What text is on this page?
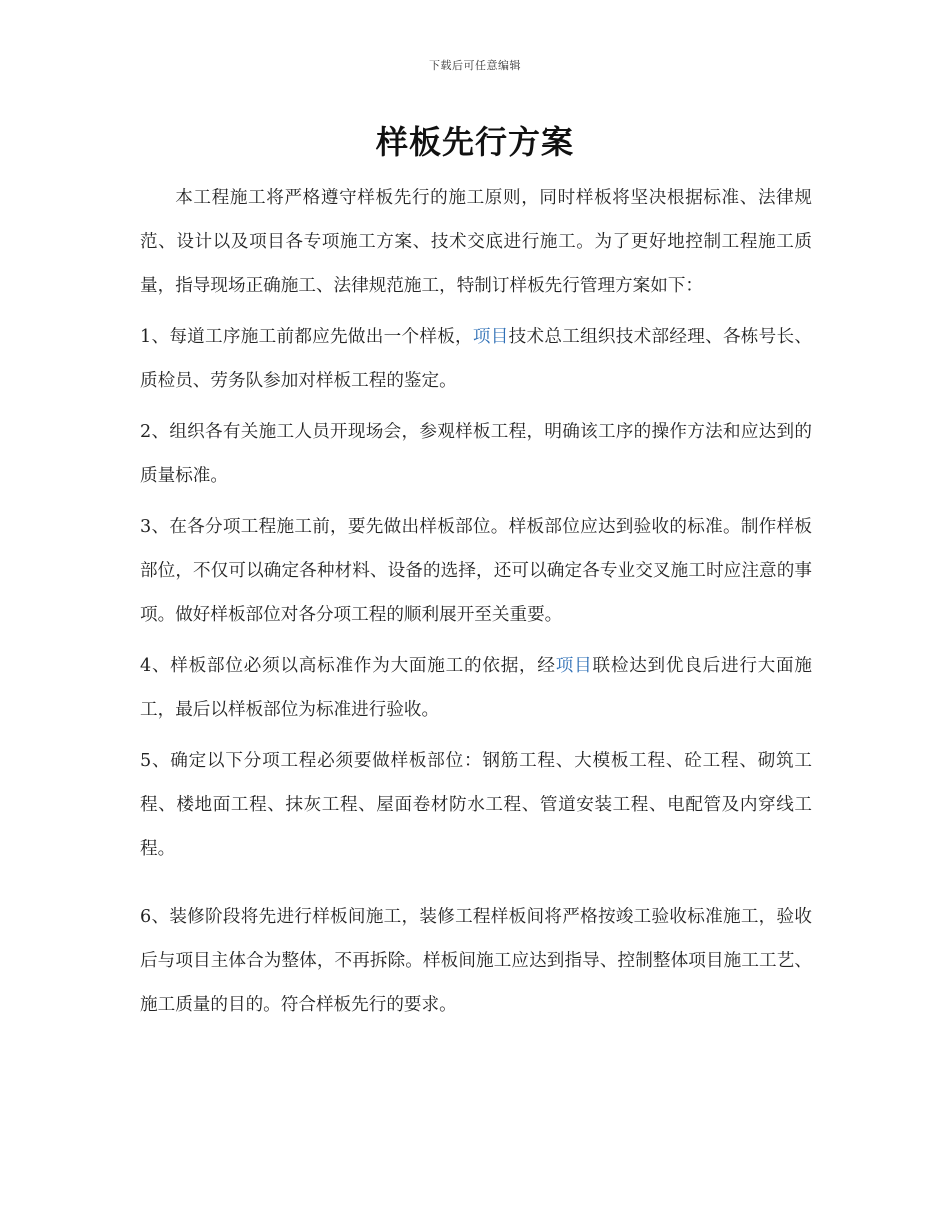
下载后可任意编辑
样板先行方案

本工程施工将严格遵守样板先行的施工原则，同时样板将坚决根据标准、法律规范、设计以及项目各专项施工方案、技术交底进行施工。为了更好地控制工程施工质量，指导现场正确施工、法律规范施工，特制订样板先行管理方案如下：

1、每道工序施工前都应先做出一个样板，项目技术总工组织技术部经理、各栋号长、质检员、劳务队参加对样板工程的鉴定。

2、组织各有关施工人员开现场会，参观样板工程，明确该工序的操作方法和应达到的质量标准。

3、在各分项工程施工前，要先做出样板部位。样板部位应达到验收的标准。制作样板部位，不仅可以确定各种材料、设备的选择，还可以确定各专业交叉施工时应注意的事项。做好样板部位对各分项工程的顺利展开至关重要。

4、样板部位必须以高标准作为大面施工的依据，经项目联检达到优良后进行大面施工，最后以样板部位为标准进行验收。

5、确定以下分项工程必须要做样板部位：钢筋工程、大模板工程、砼工程、砌筑工程、楼地面工程、抹灰工程、屋面卷材防水工程、管道安装工程、电配管及内穿线工程。

6、装修阶段将先进行样板间施工，装修工程样板间将严格按竣工验收标准施工，验收后与项目主体合为整体，不再拆除。样板间施工应达到指导、控制整体项目施工工艺、施工质量的目的。符合样板先行的要求。
